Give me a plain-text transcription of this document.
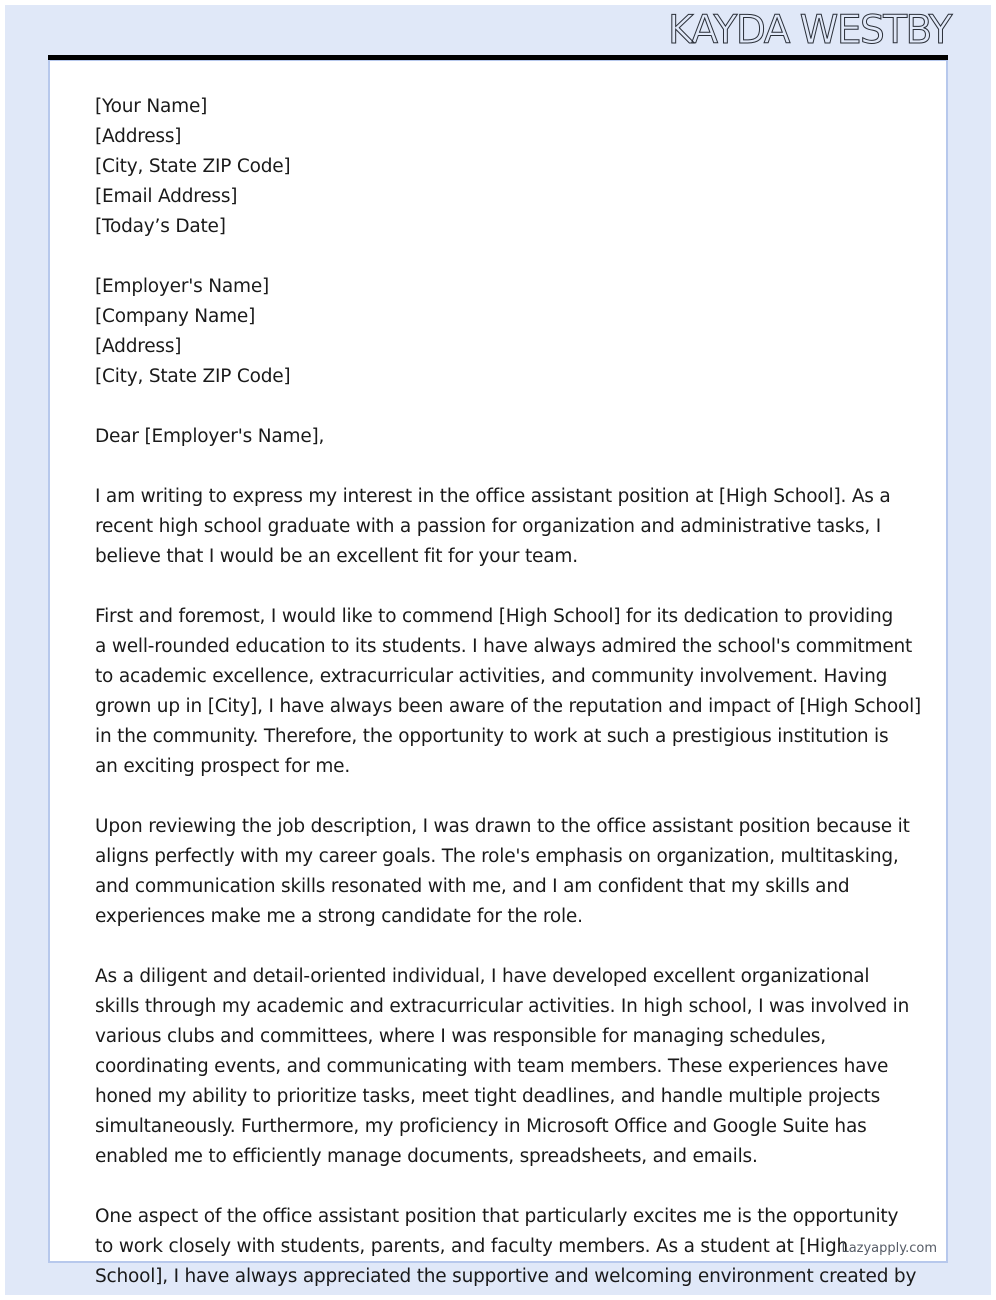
KAYDA WESTBY
[Your Name]
[Address]
[City, State ZIP Code]
[Email Address]
[Today’s Date]
[Employer's Name]
[Company Name]
[Address]
[City, State ZIP Code]
Dear [Employer's Name],
I am writing to express my interest in the office assistant position at [High School]. As a
recent high school graduate with a passion for organization and administrative tasks, I
believe that I would be an excellent fit for your team.
First and foremost, I would like to commend [High School] for its dedication to providing
a well-rounded education to its students. I have always admired the school's commitment
to academic excellence, extracurricular activities, and community involvement. Having
grown up in [City], I have always been aware of the reputation and impact of [High School]
in the community. Therefore, the opportunity to work at such a prestigious institution is
an exciting prospect for me.
Upon reviewing the job description, I was drawn to the office assistant position because it
aligns perfectly with my career goals. The role's emphasis on organization, multitasking,
and communication skills resonated with me, and I am confident that my skills and
experiences make me a strong candidate for the role.
As a diligent and detail-oriented individual, I have developed excellent organizational
skills through my academic and extracurricular activities. In high school, I was involved in
various clubs and committees, where I was responsible for managing schedules,
coordinating events, and communicating with team members. These experiences have
honed my ability to prioritize tasks, meet tight deadlines, and handle multiple projects
simultaneously. Furthermore, my proficiency in Microsoft Office and Google Suite has
enabled me to efficiently manage documents, spreadsheets, and emails.
One aspect of the office assistant position that particularly excites me is the opportunity
to work closely with students, parents, and faculty members. As a student at [High
School], I have always appreciated the supportive and welcoming environment created by
Lazyapply.com
